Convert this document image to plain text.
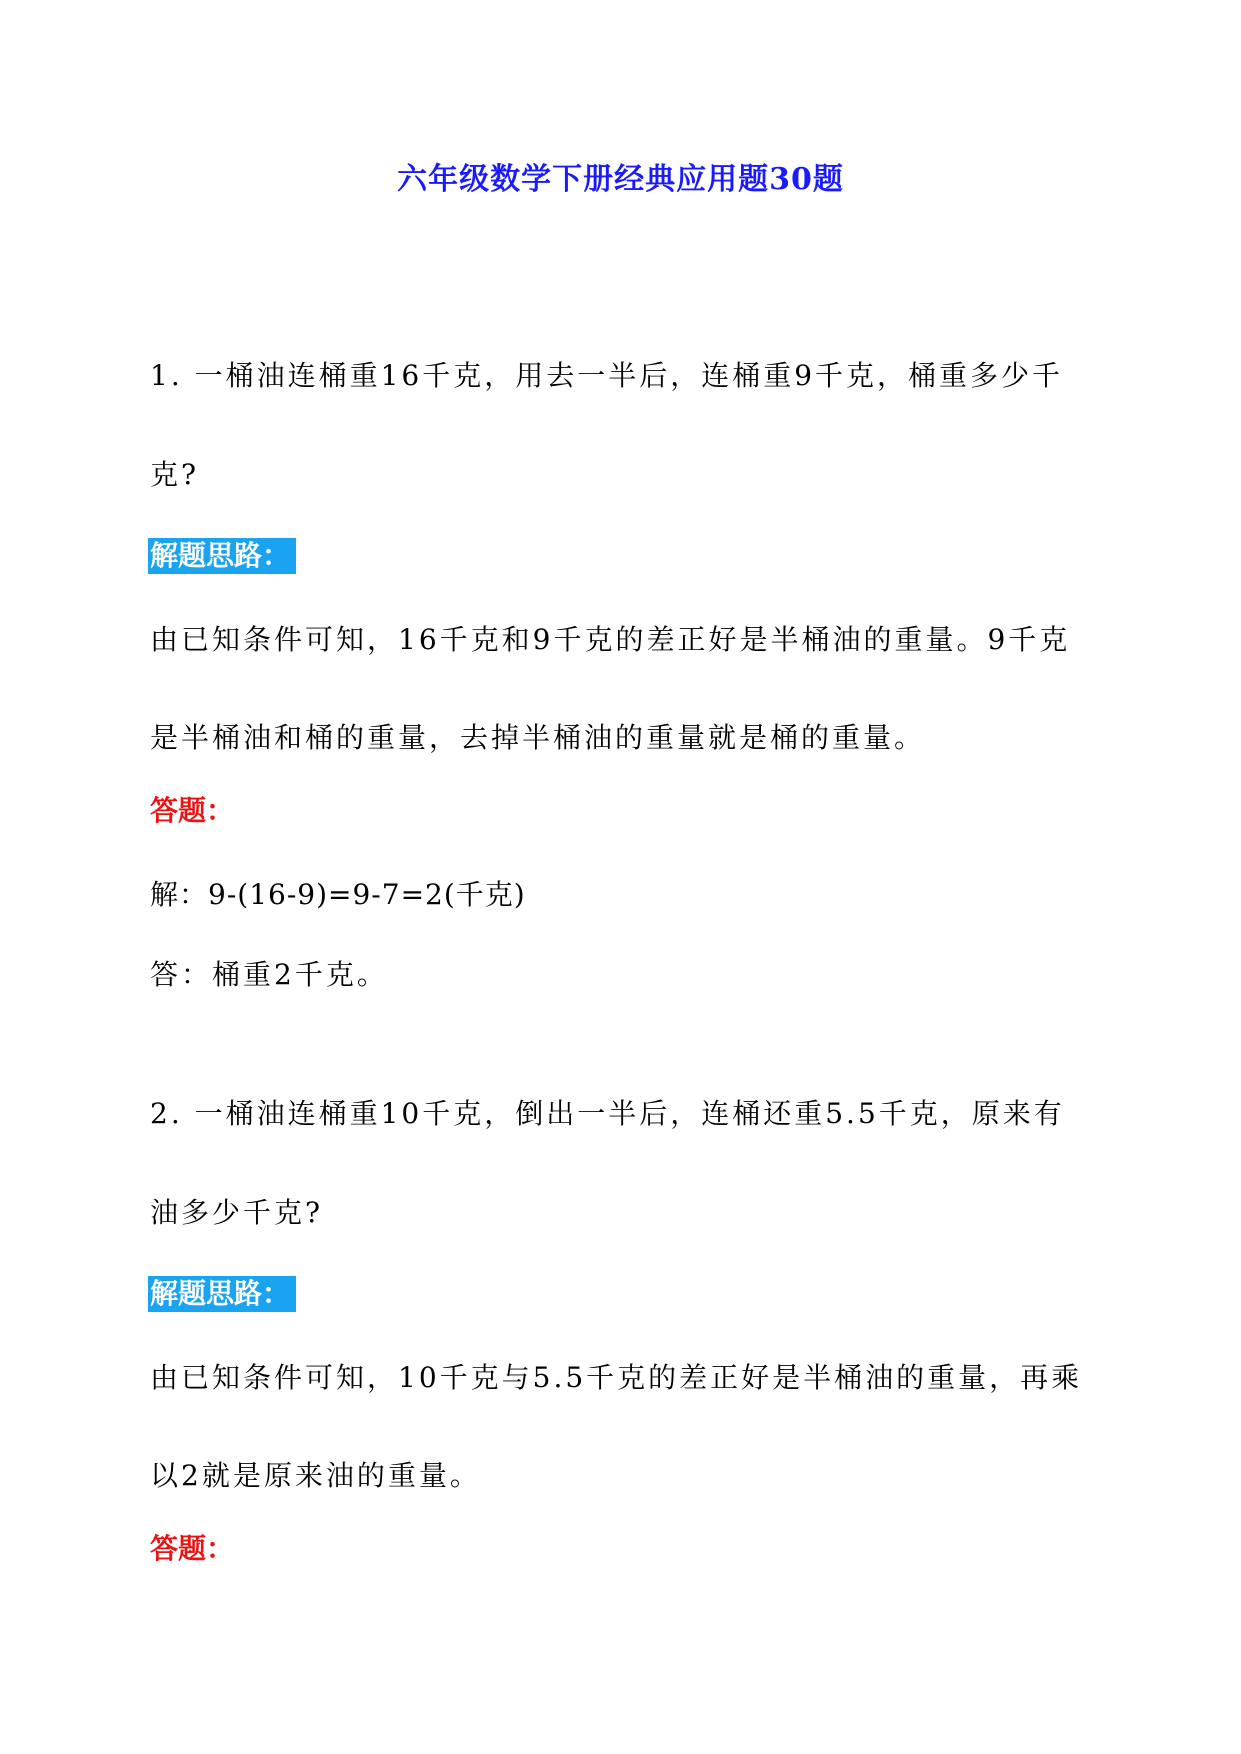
六年级数学下册经典应用题30题
1. 一桶油连桶重16千克，用去一半后，连桶重9千克，桶重多少千
克?
解题思路：
由已知条件可知，16千克和9千克的差正好是半桶油的重量。9千克
是半桶油和桶的重量，去掉半桶油的重量就是桶的重量。
答题：
解：9-(16-9)=9-7=2(千克)
答：桶重2千克。
2. 一桶油连桶重10千克，倒出一半后，连桶还重5.5千克，原来有
油多少千克?
解题思路：
由已知条件可知，10千克与5.5千克的差正好是半桶油的重量，再乘
以2就是原来油的重量。
答题：
